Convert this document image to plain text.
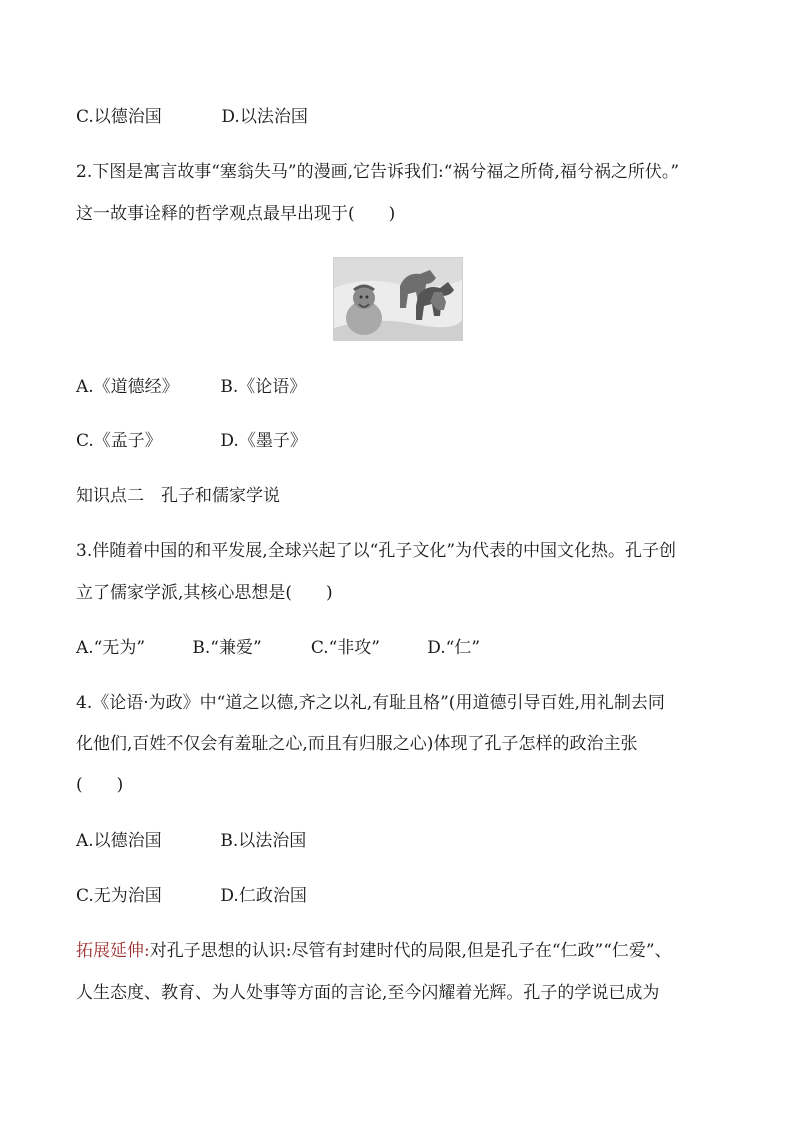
C.以德治国	D.以法治国
2.下图是寓言故事“塞翁失马”的漫画,它告诉我们:“祸兮福之所倚,福兮祸之所伏。”
这一故事诠释的哲学观点最早出现于(　　)
A.《道德经》 B.《论语》
C.《孟子》	D.《墨子》
知识点二　孔子和儒家学说
3.伴随着中国的和平发展,全球兴起了以“孔子文化”为代表的中国文化热。孔子创
立了儒家学派,其核心思想是(　　)
A.“无为”	B.“兼爱”	C.“非攻”	D.“仁”
4.《论语·为政》中“道之以德,齐之以礼,有耻且格”(用道德引导百姓,用礼制去同
化他们,百姓不仅会有羞耻之心,而且有归服之心)体现了孔子怎样的政治主张
(　　)
A.以德治国	B.以法治国
C.无为治国	D.仁政治国
拓展延伸:对孔子思想的认识:尽管有封建时代的局限,但是孔子在“仁政”“仁爱”、
人生态度、教育、为人处事等方面的言论,至今闪耀着光辉。孔子的学说已成为
